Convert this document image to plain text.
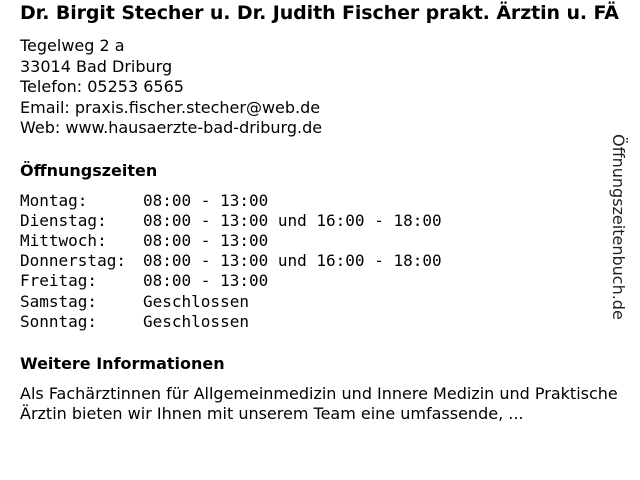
Dr. Birgit Stecher u. Dr. Judith Fischer prakt. Ärztin u. FÄ
Tegelweg 2 a
33014 Bad Driburg
Telefon: 05253 6565
Email: praxis.fischer.stecher@web.de
Web: www.hausaerzte-bad-driburg.de
Öffnungszeiten
Montag:	08:00 - 13:00
Dienstag:	08:00 - 13:00 und 16:00 - 18:00
Mittwoch:	08:00 - 13:00
Donnerstag:	08:00 - 13:00 und 16:00 - 18:00
Freitag:	08:00 - 13:00
Samstag:	Geschlossen
Sonntag:	Geschlossen
Weitere Informationen
Als Fachärztinnen für Allgemeinmedizin und Innere Medizin und Praktische Ärztin bieten wir Ihnen mit unserem Team eine umfassende, ...
Öffnungszeitenbuch.de
